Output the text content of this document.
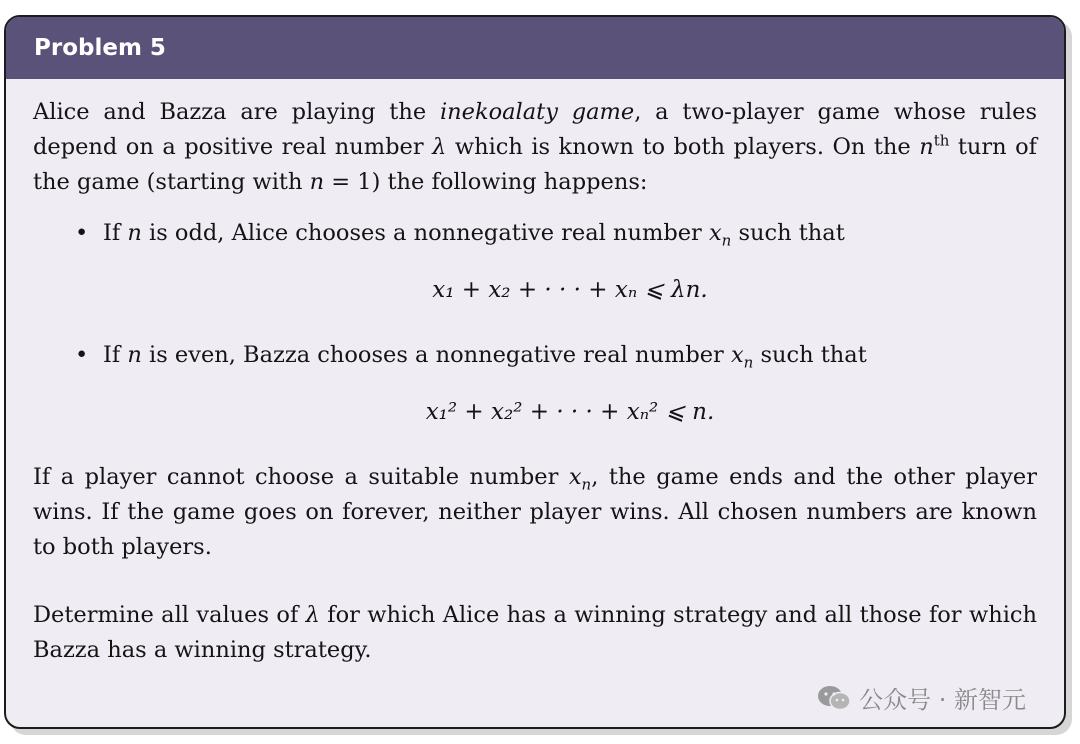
Problem 5

Alice and Bazza are playing the inekoalaty game, a two-player game whose rules depend on a positive real number λ which is known to both players. On the $n^{th}$ turn of the game (starting with n = 1) the following happens:

• If n is odd, Alice chooses a nonnegative real number $x_n$ such that
x₁ + x₂ + · · · + xₙ ⩽ λn.
• If n is even, Bazza chooses a nonnegative real number $x_n$ such that
x₁² + x₂² + · · · + xₙ² ⩽ n.

If a player cannot choose a suitable number $x_n$, the game ends and the other player wins. If the game goes on forever, neither player wins. All chosen numbers are known to both players.

Determine all values of λ for which Alice has a winning strategy and all those for which Bazza has a winning strategy.

公众号 · 新智元
